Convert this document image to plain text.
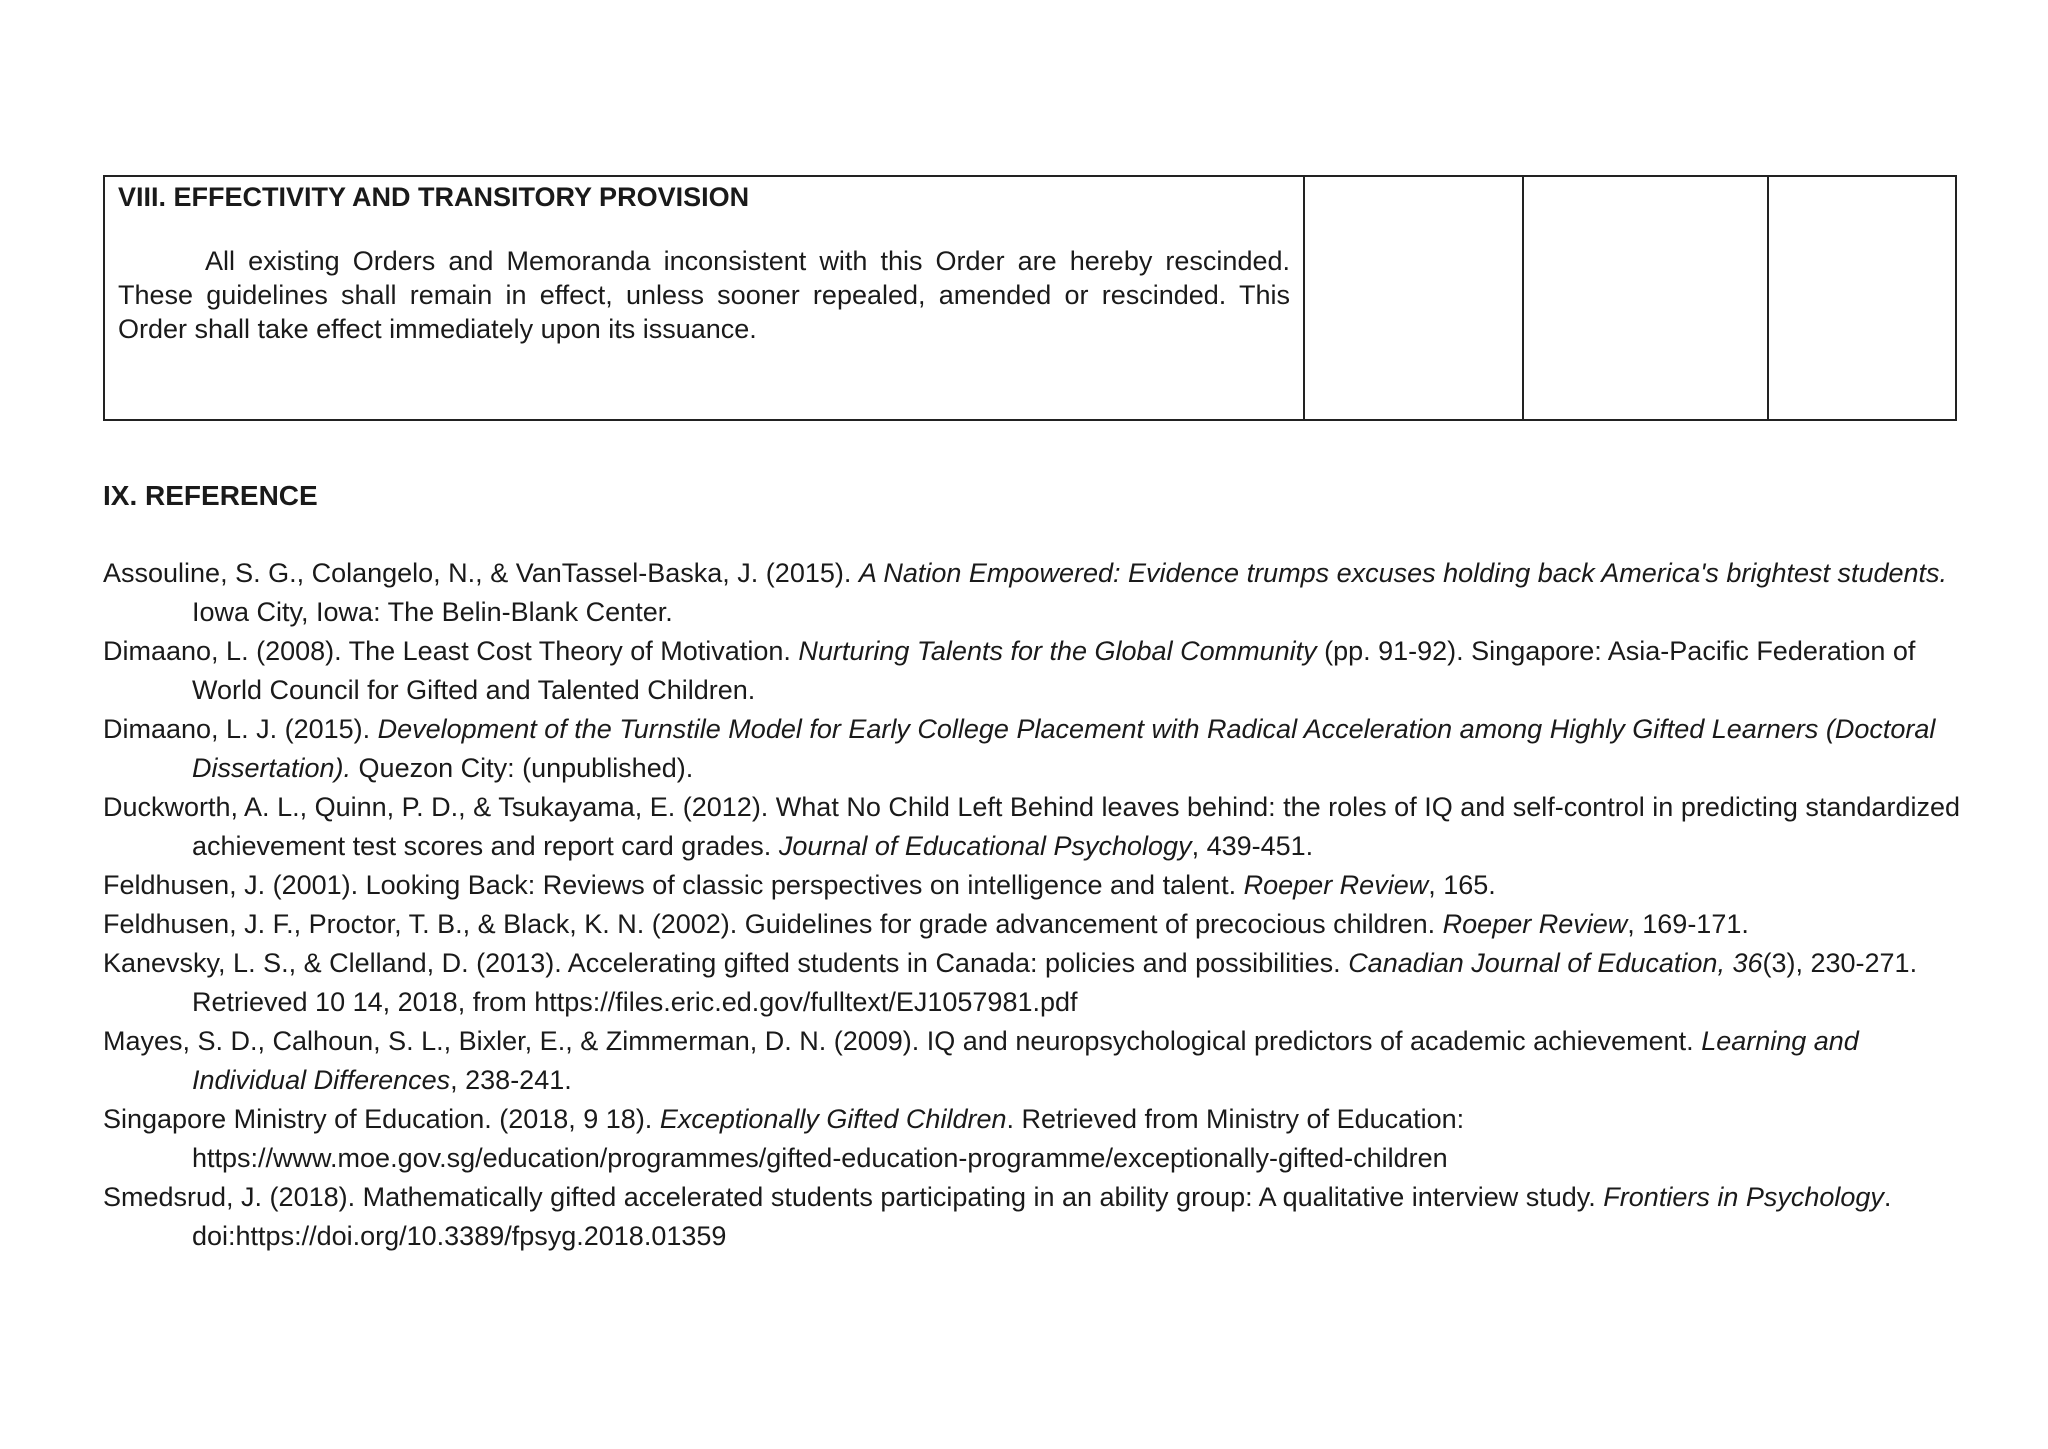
VIII. EFFECTIVITY AND TRANSITORY PROVISION

All existing Orders and Memoranda inconsistent with this Order are hereby rescinded. These guidelines shall remain in effect, unless sooner repealed, amended or rescinded. This Order shall take effect immediately upon its issuance.

IX. REFERENCE

Assouline, S. G., Colangelo, N., & VanTassel-Baska, J. (2015). A Nation Empowered: Evidence trumps excuses holding back America's brightest students. Iowa City, Iowa: The Belin-Blank Center.
Dimaano, L. (2008). The Least Cost Theory of Motivation. Nurturing Talents for the Global Community (pp. 91-92). Singapore: Asia-Pacific Federation of World Council for Gifted and Talented Children.
Dimaano, L. J. (2015). Development of the Turnstile Model for Early College Placement with Radical Acceleration among Highly Gifted Learners (Doctoral Dissertation). Quezon City: (unpublished).
Duckworth, A. L., Quinn, P. D., & Tsukayama, E. (2012). What No Child Left Behind leaves behind: the roles of IQ and self-control in predicting standardized achievement test scores and report card grades. Journal of Educational Psychology, 439-451.
Feldhusen, J. (2001). Looking Back: Reviews of classic perspectives on intelligence and talent. Roeper Review, 165.
Feldhusen, J. F., Proctor, T. B., & Black, K. N. (2002). Guidelines for grade advancement of precocious children. Roeper Review, 169-171.
Kanevsky, L. S., & Clelland, D. (2013). Accelerating gifted students in Canada: policies and possibilities. Canadian Journal of Education, 36(3), 230-271. Retrieved 10 14, 2018, from https://files.eric.ed.gov/fulltext/EJ1057981.pdf
Mayes, S. D., Calhoun, S. L., Bixler, E., & Zimmerman, D. N. (2009). IQ and neuropsychological predictors of academic achievement. Learning and Individual Differences, 238-241.
Singapore Ministry of Education. (2018, 9 18). Exceptionally Gifted Children. Retrieved from Ministry of Education: https://www.moe.gov.sg/education/programmes/gifted-education-programme/exceptionally-gifted-children
Smedsrud, J. (2018). Mathematically gifted accelerated students participating in an ability group: A qualitative interview study. Frontiers in Psychology. doi:https://doi.org/10.3389/fpsyg.2018.01359
